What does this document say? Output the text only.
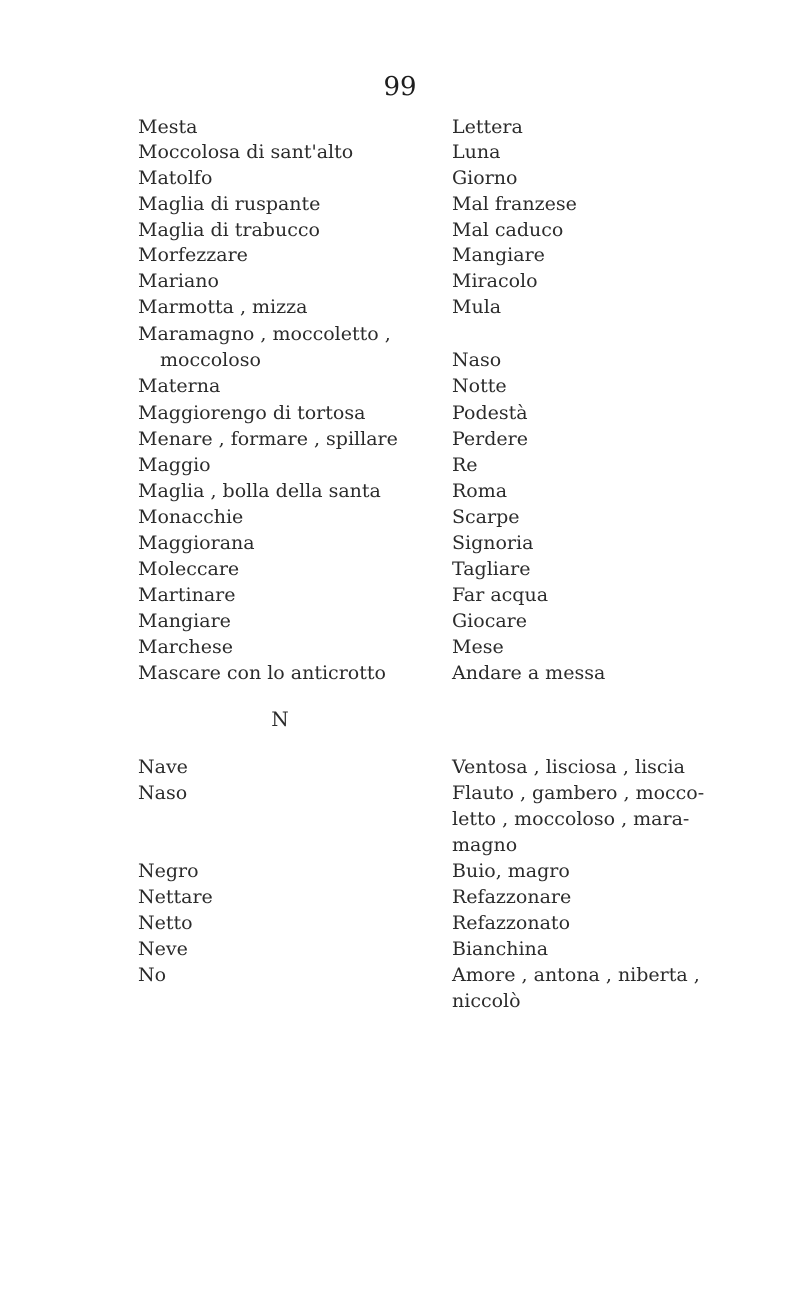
99
Mesta	Lettera
Moccolosa di sant'alto	Luna
Matolfo	Giorno
Maglia di ruspante	Mal franzese
Maglia di trabucco	Mal caduco
Morfezzare	Mangiare
Mariano	Miracolo
Marmotta , mizza	Mula
Maramagno , moccoletto ,
moccoloso	Naso
Materna	Notte
Maggiorengo di tortosa	Podestà
Menare , formare , spillare	Perdere
Maggio	Re
Maglia , bolla della santa	Roma
Monacchie	Scarpe
Maggiorana	Signoria
Moleccare	Tagliare
Martinare	Far acqua
Mangiare	Giocare
Marchese	Mese
Mascare con lo anticrotto	Andare a messa
N
Nave	Ventosa , lisciosa , liscia
Naso	Flauto , gambero , mocco-
letto , moccoloso , mara-
magno
Negro	Buio, magro
Nettare	Refazzonare
Netto	Refazzonato
Neve	Bianchina
No	Amore , antona , niberta ,
niccolò
